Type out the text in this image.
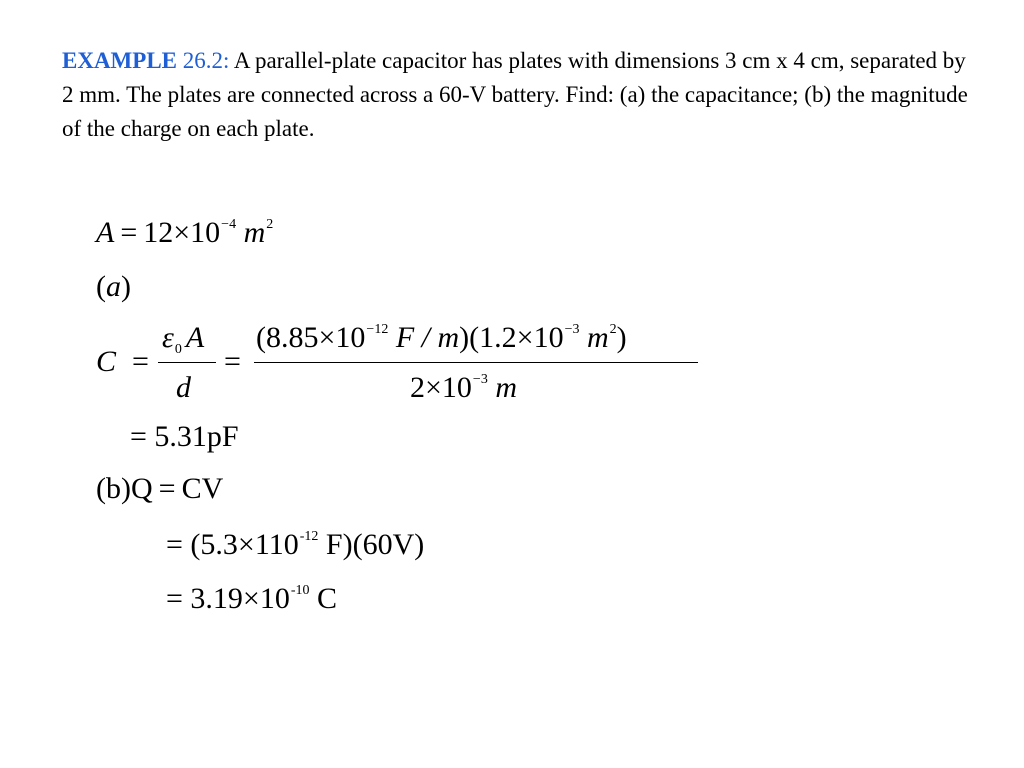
EXAMPLE 26.2: A parallel-plate capacitor has plates with dimensions 3 cm x 4 cm, separated by 2 mm. The plates are connected across a 60-V battery. Find: (a) the capacitance; (b) the magnitude of the charge on each plate.
$A = 12\times 10^{-4}$ $m^2$
(a)
C =
$\varepsilon_0$ A
d
=
($8.85\times 10^{-12}$ $F / m)(1.2\times 10^{-3}$ $m^2$)
$2\times 10^{-3}$ m
= 5.31pF
(b)Q = CV
= ($5.3\times 110^{-12}$ F)(60V)
= $3.19\times 10^{-10}$ C
